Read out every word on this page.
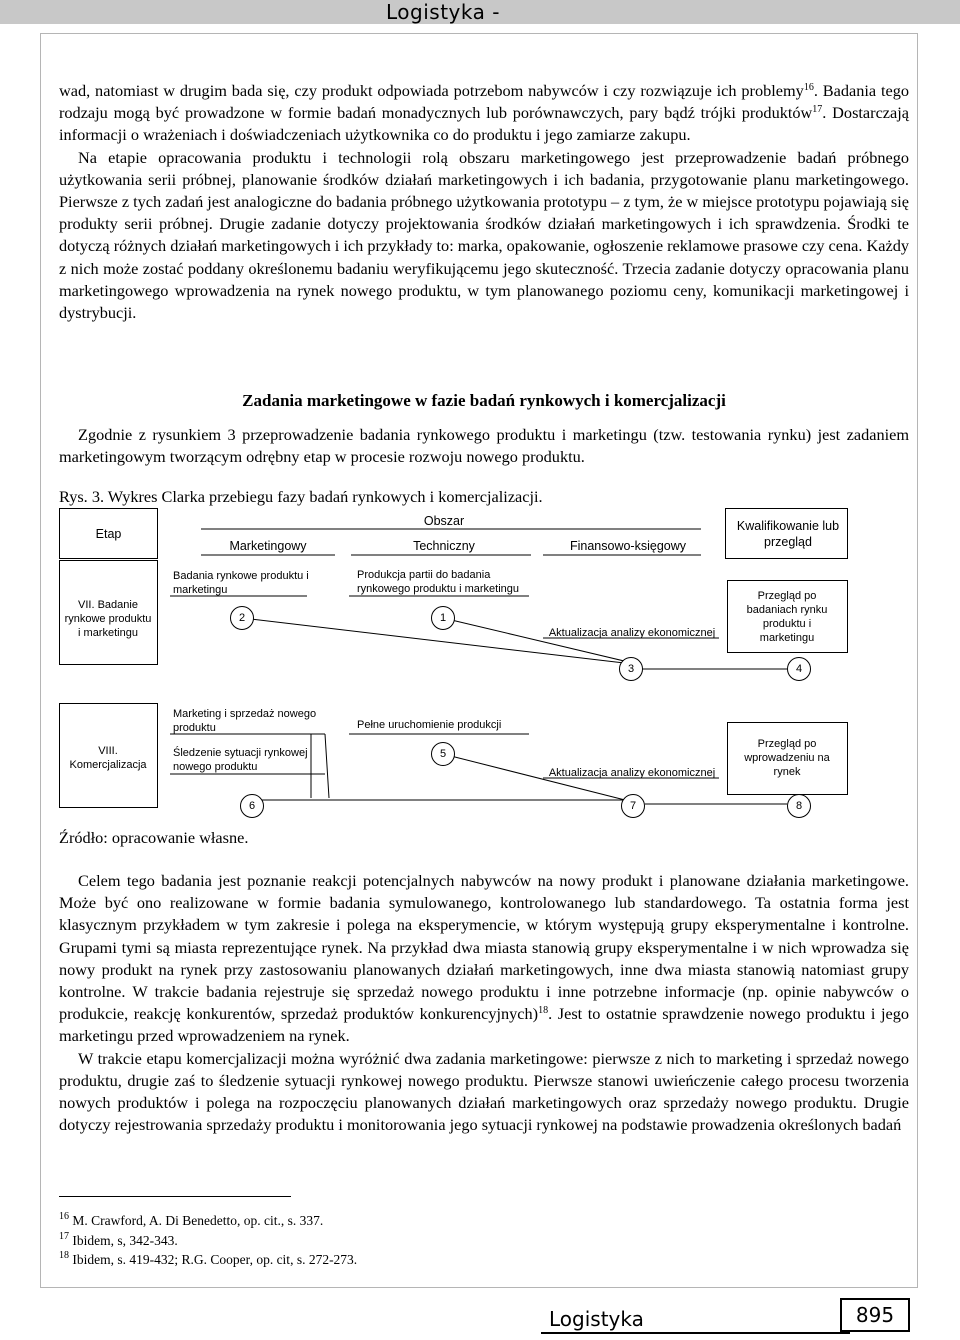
Logistyka -

wad, natomiast w drugim bada się, czy produkt odpowiada potrzebom nabywców i czy rozwiązuje ich problemy$^{16}$. Badania tego rodzaju mogą być prowadzone w formie badań monadycznych lub porównawczych, pary bądź trójki produktów$^{17}$. Dostarczają informacji o wrażeniach i doświadczeniach użytkownika co do produktu i jego zamiarze zakupu.

Na etapie opracowania produktu i technologii rolą obszaru marketingowego jest przeprowadzenie badań próbnego użytkowania serii próbnej, planowanie środków działań marketingowych i ich badania, przygotowanie planu marketingowego. Pierwsze z tych zadań jest analogiczne do badania próbnego użytkowania prototypu – z tym, że w miejsce prototypu pojawiają się produkty serii próbnej. Drugie zadanie dotyczy projektowania środków działań marketingowych i ich sprawdzenia. Środki te dotyczą różnych działań marketingowych i ich przykłady to: marka, opakowanie, ogłoszenie reklamowe prasowe czy cena. Każdy z nich może zostać poddany określonemu badaniu weryfikującemu jego skuteczność. Trzecia zadanie dotyczy opracowania planu marketingowego wprowadzenia na rynek nowego produktu, w tym planowanego poziomu ceny, komunikacji marketingowej i dystrybucji.

Zadania marketingowe w fazie badań rynkowych i komercjalizacji

Zgodnie z rysunkiem 3 przeprowadzenie badania rynkowego produktu i marketingu (tzw. testowania rynku) jest zadaniem marketingowym tworzącym odrębny etap w procesie rozwoju nowego produktu.

Rys. 3. Wykres Clarka przebiegu fazy badań rynkowych i komercjalizacji.

Etap
Obszar
Marketingowy	Techniczny	Finansowo-księgowy
Kwalifikowanie lub przegląd
VII. Badanie rynkowe produktu i marketingu
Badania rynkowe produktu i marketingu
Produkcja partii do badania rynkowego produktu i marketingu
Aktualizacja analizy ekonomicznej
Przegląd po badaniach rynku produktu i marketingu
VIII. Komercjalizacja
Marketing i sprzedaż nowego produktu
Śledzenie sytuacji rynkowej nowego produktu
Pełne uruchomienie produkcji
Aktualizacja analizy ekonomicznej
Przegląd po wprowadzeniu na rynek
2	1
3	4
5
6	7	8

Źródło: opracowanie własne.

Celem tego badania jest poznanie reakcji potencjalnych nabywców na nowy produkt i planowane działania marketingowe. Może być ono realizowane w formie badania symulowanego, kontrolowanego lub standardowego. Ta ostatnia forma jest klasycznym przykładem w tym zakresie i polega na eksperymencie, w którym występują grupy eksperymentalne i kontrolne. Grupami tymi są miasta reprezentujące rynek. Na przykład dwa miasta stanowią grupy eksperymentalne i w nich wprowadza się nowy produkt na rynek przy zastosowaniu planowanych działań marketingowych, inne dwa miasta stanowią natomiast grupy kontrolne. W trakcie badania rejestruje się sprzedaż nowego produktu i inne potrzebne informacje (np. opinie nabywców o produkcie, reakcję konkurentów, sprzedaż produktów konkurencyjnych)$^{18}$. Jest to ostatnie sprawdzenie nowego produktu i jego marketingu przed wprowadzeniem na rynek.

W trakcie etapu komercjalizacji można wyróżnić dwa zadania marketingowe: pierwsze z nich to marketing i sprzedaż nowego produktu, drugie zaś to śledzenie sytuacji rynkowej nowego produktu. Pierwsze stanowi uwieńczenie całego procesu tworzenia nowych produktów i polega na rozpoczęciu planowanych działań marketingowych oraz sprzedaży nowego produktu. Drugie dotyczy rejestrowania sprzedaży produktu i monitorowania jego sytuacji rynkowej na podstawie prowadzenia określonych badań

$^{16}$ M. Crawford, A. Di Benedetto, op. cit., s. 337.
$^{17}$ Ibidem, s, 342-343.
$^{18}$ Ibidem, s. 419-432; R.G. Cooper, op. cit, s. 272-273.
Logistyka	895
